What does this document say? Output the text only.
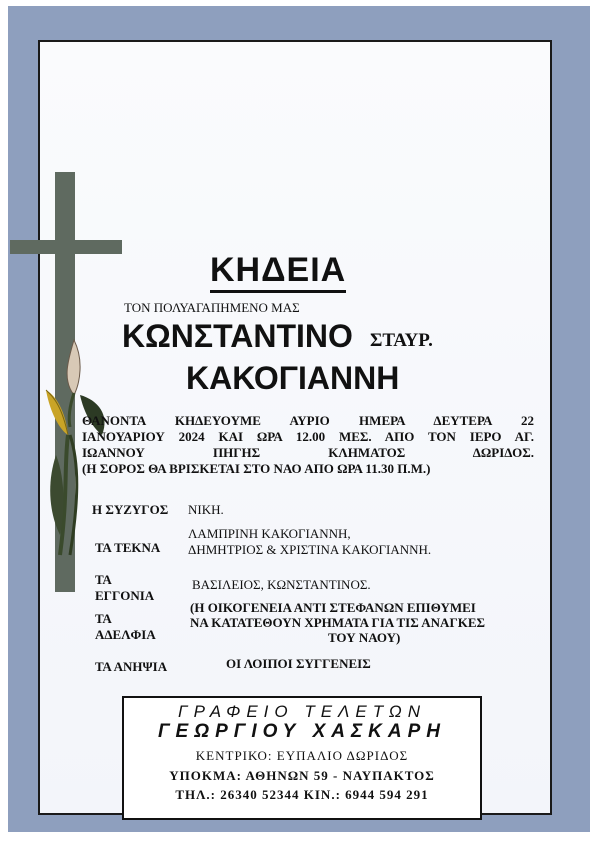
ΚΗΔΕΙΑ
ΤΟΝ ΠΟΛΥΑΓΑΠΗΜΕΝΟ ΜΑΣ
ΚΩΝΣΤΑΝΤΙΝΟ ΣΤΑΥΡ.
ΚΑΚΟΓΙΑΝΝΗ
ΘΑΝΟΝΤΑ ΚΗΔΕΥΟΥΜΕ ΑΥΡΙΟ ΗΜΕΡΑ ΔΕΥΤΕΡΑ 22
ΙΑΝΟΥΑΡΙΟΥ 2024 ΚΑΙ ΩΡΑ 12.00 ΜΕΣ. ΑΠΟ ΤΟΝ ΙΕΡΟ ΑΓ.
ΙΩΑΝΝΟΥ ΠΗΓΗΣ ΚΛΗΜΑΤΟΣ ΔΩΡΙΔΟΣ.
(Η ΣΟΡΟΣ ΘΑ ΒΡΙΣΚΕΤΑΙ ΣΤΟ ΝΑΟ ΑΠΟ ΩΡΑ 11.30 Π.Μ.)
Η ΣΥΖΥΓΟΣ ΝΙΚΗ.
ΤΑ ΤΕΚΝΑ
ΛΑΜΠΡΙΝΗ ΚΑΚΟΓΙΑΝΝΗ,
ΔΗΜΗΤΡΙΟΣ & ΧΡΙΣΤΙΝΑ ΚΑΚΟΓΙΑΝΝΗ.
ΤΑ
ΕΓΓΟΝΙΑ
ΒΑΣΙΛΕΙΟΣ, ΚΩΝΣΤΑΝΤΙΝΟΣ.
ΤΑ
ΑΔΕΛΦΙΑ
(Η ΟΙΚΟΓΕΝΕΙΑ ΑΝΤΙ ΣΤΕΦΑΝΩΝ ΕΠΙΘΥΜΕΙ
ΝΑ ΚΑΤΑΤΕΘΟΥΝ ΧΡΗΜΑΤΑ ΓΙΑ ΤΙΣ ΑΝΑΓΚΕΣ
ΤΟΥ ΝΑΟΥ)
ΤΑ ΑΝΗΨΙΑ	ΟΙ ΛΟΙΠΟΙ ΣΥΓΓΕΝΕΙΣ
ΓΡΑΦΕΙΟ ΤΕΛΕΤΩΝ
ΓΕΩΡΓΙΟΥ ΧΑΣΚΑΡΗ
ΚΕΝΤΡΙΚΟ: ΕΥΠΑΛΙΟ ΔΩΡΙΔΟΣ
ΥΠΟΚΜΑ: ΑΘΗΝΩΝ 59 - ΝΑΥΠΑΚΤΟΣ
ΤΗΛ.: 26340 52344 ΚΙΝ.: 6944 594 291
